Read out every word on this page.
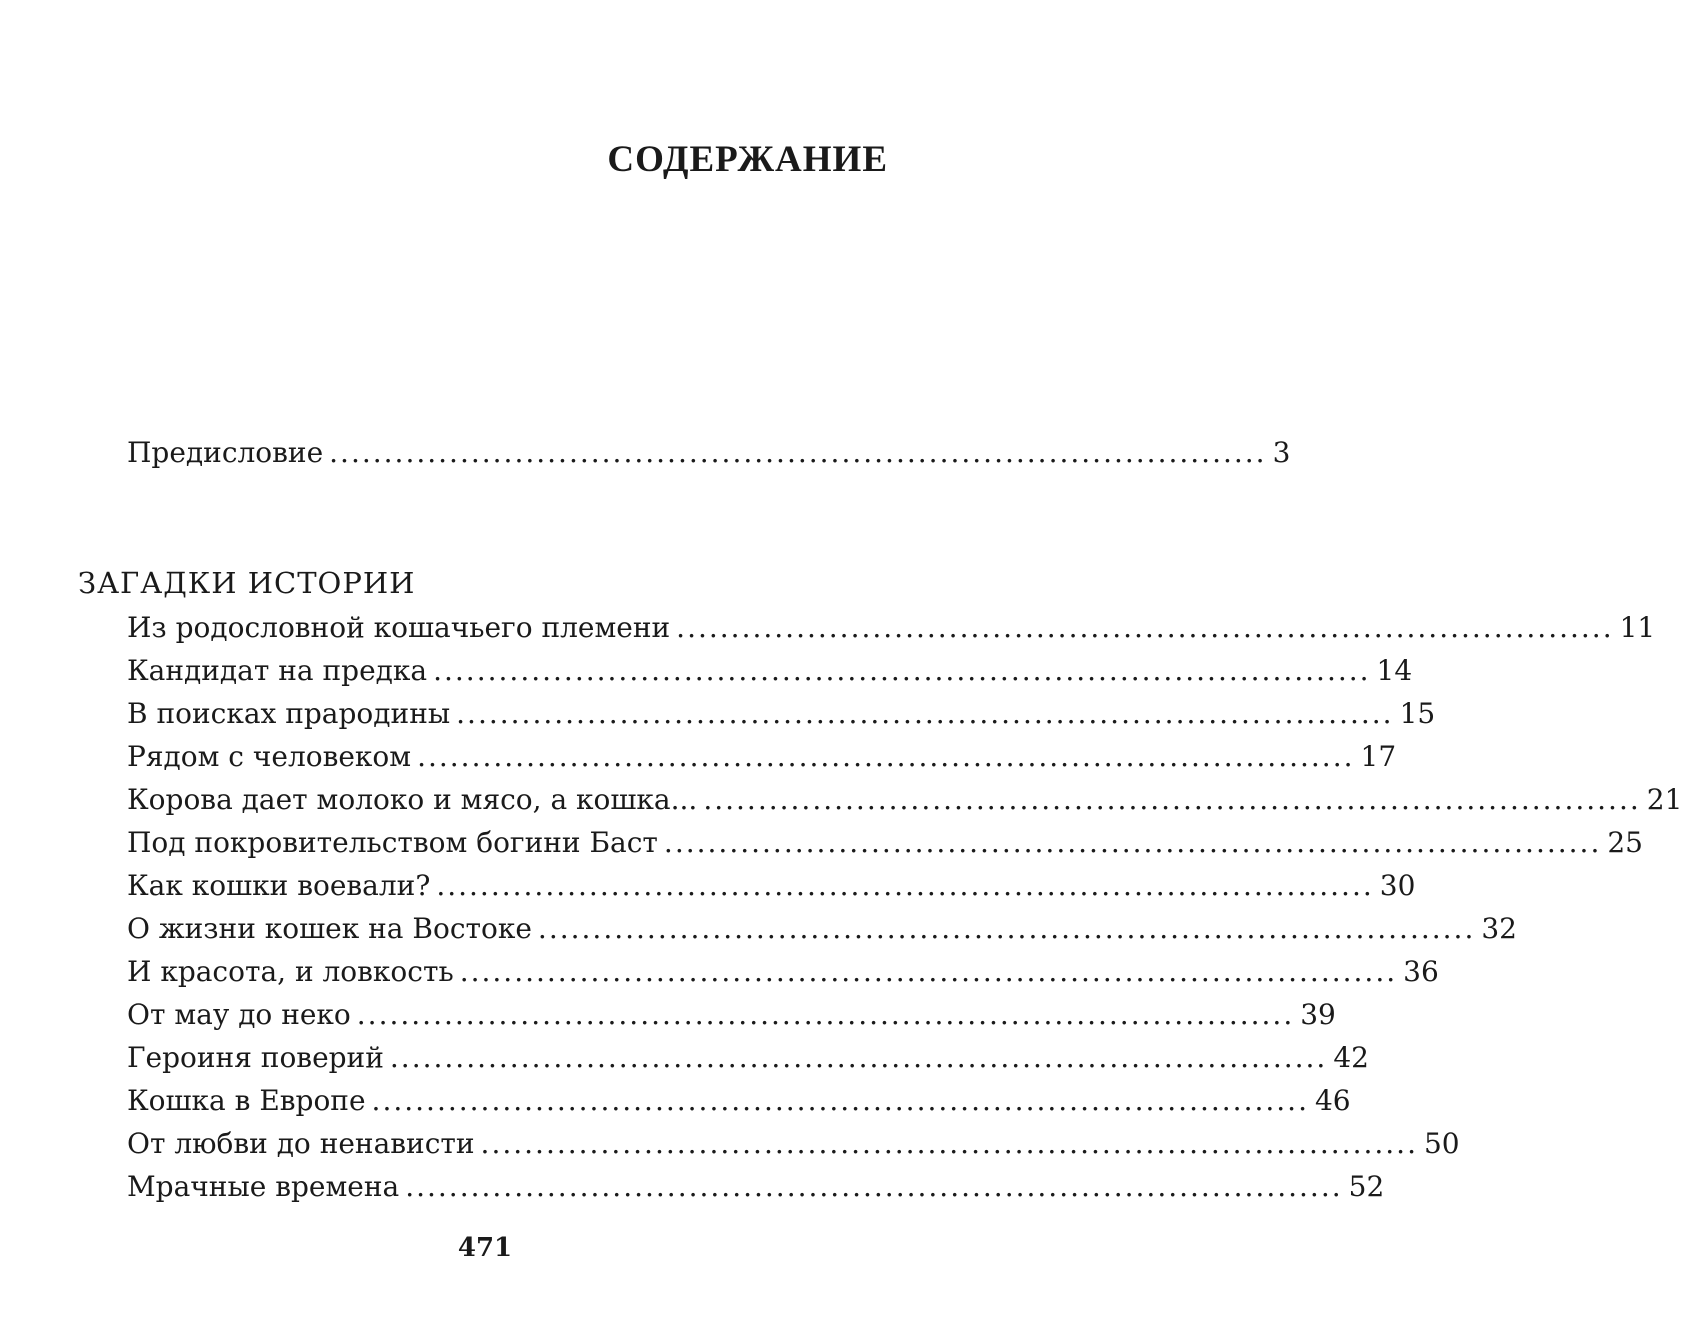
СОДЕРЖАНИЕ
Предисловие ...................................................................................... 3
ЗАГАДКИ ИСТОРИИ
Из родословной кошачьего племени ...................................................................................... 11
Кандидат на предка ...................................................................................... 14
В поисках прародины ...................................................................................... 15
Рядом с человеком ...................................................................................... 17
Корова дает молоко и мясо, а кошка... ...................................................................................... 21
Под покровительством богини Баст ...................................................................................... 25
Как кошки воевали? ...................................................................................... 30
О жизни кошек на Востоке ...................................................................................... 32
И красота, и ловкость ...................................................................................... 36
От мау до неко ...................................................................................... 39
Героиня поверий ...................................................................................... 42
Кошка в Европе ...................................................................................... 46
От любви до ненависти ...................................................................................... 50
Мрачные времена ...................................................................................... 52
471
